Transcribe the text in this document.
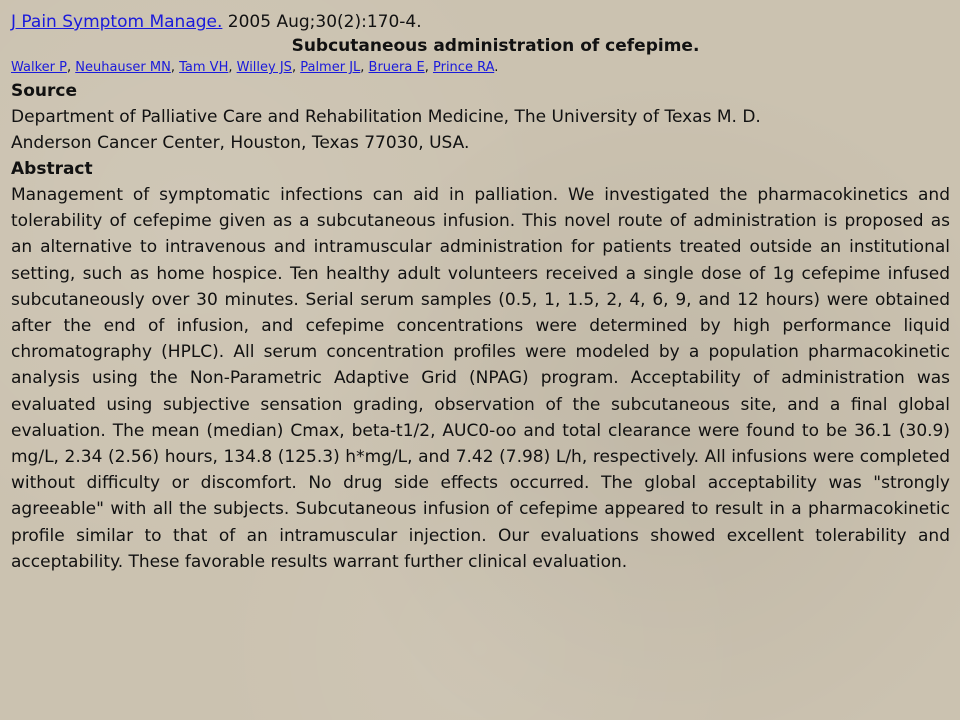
J Pain Symptom Manage. 2005 Aug;30(2):170-4.
Subcutaneous administration of cefepime.
Walker P, Neuhauser MN, Tam VH, Willey JS, Palmer JL, Bruera E, Prince RA.
Source
Department of Palliative Care and Rehabilitation Medicine, The University of Texas M. D.
Anderson Cancer Center, Houston, Texas 77030, USA.
Abstract
Management of symptomatic infections can aid in palliation. We investigated the pharmacokinetics and tolerability of cefepime given as a subcutaneous infusion. This novel route of administration is proposed as an alternative to intravenous and intramuscular administration for patients treated outside an institutional setting, such as home hospice. Ten healthy adult volunteers received a single dose of 1g cefepime infused subcutaneously over 30 minutes. Serial serum samples (0.5, 1, 1.5, 2, 4, 6, 9, and 12 hours) were obtained after the end of infusion, and cefepime concentrations were determined by high performance liquid chromatography (HPLC). All serum concentration profiles were modeled by a population pharmacokinetic analysis using the Non-Parametric Adaptive Grid (NPAG) program. Acceptability of administration was evaluated using subjective sensation grading, observation of the subcutaneous site, and a final global evaluation. The mean (median) Cmax, beta-t1/2, AUC0-oo and total clearance were found to be 36.1 (30.9) mg/L, 2.34 (2.56) hours, 134.8 (125.3) h*mg/L, and 7.42 (7.98) L/h, respectively. All infusions were completed without difficulty or discomfort. No drug side effects occurred. The global acceptability was "strongly agreeable" with all the subjects. Subcutaneous infusion of cefepime appeared to result in a pharmacokinetic profile similar to that of an intramuscular injection. Our evaluations showed excellent tolerability and acceptability. These favorable results warrant further clinical evaluation.
